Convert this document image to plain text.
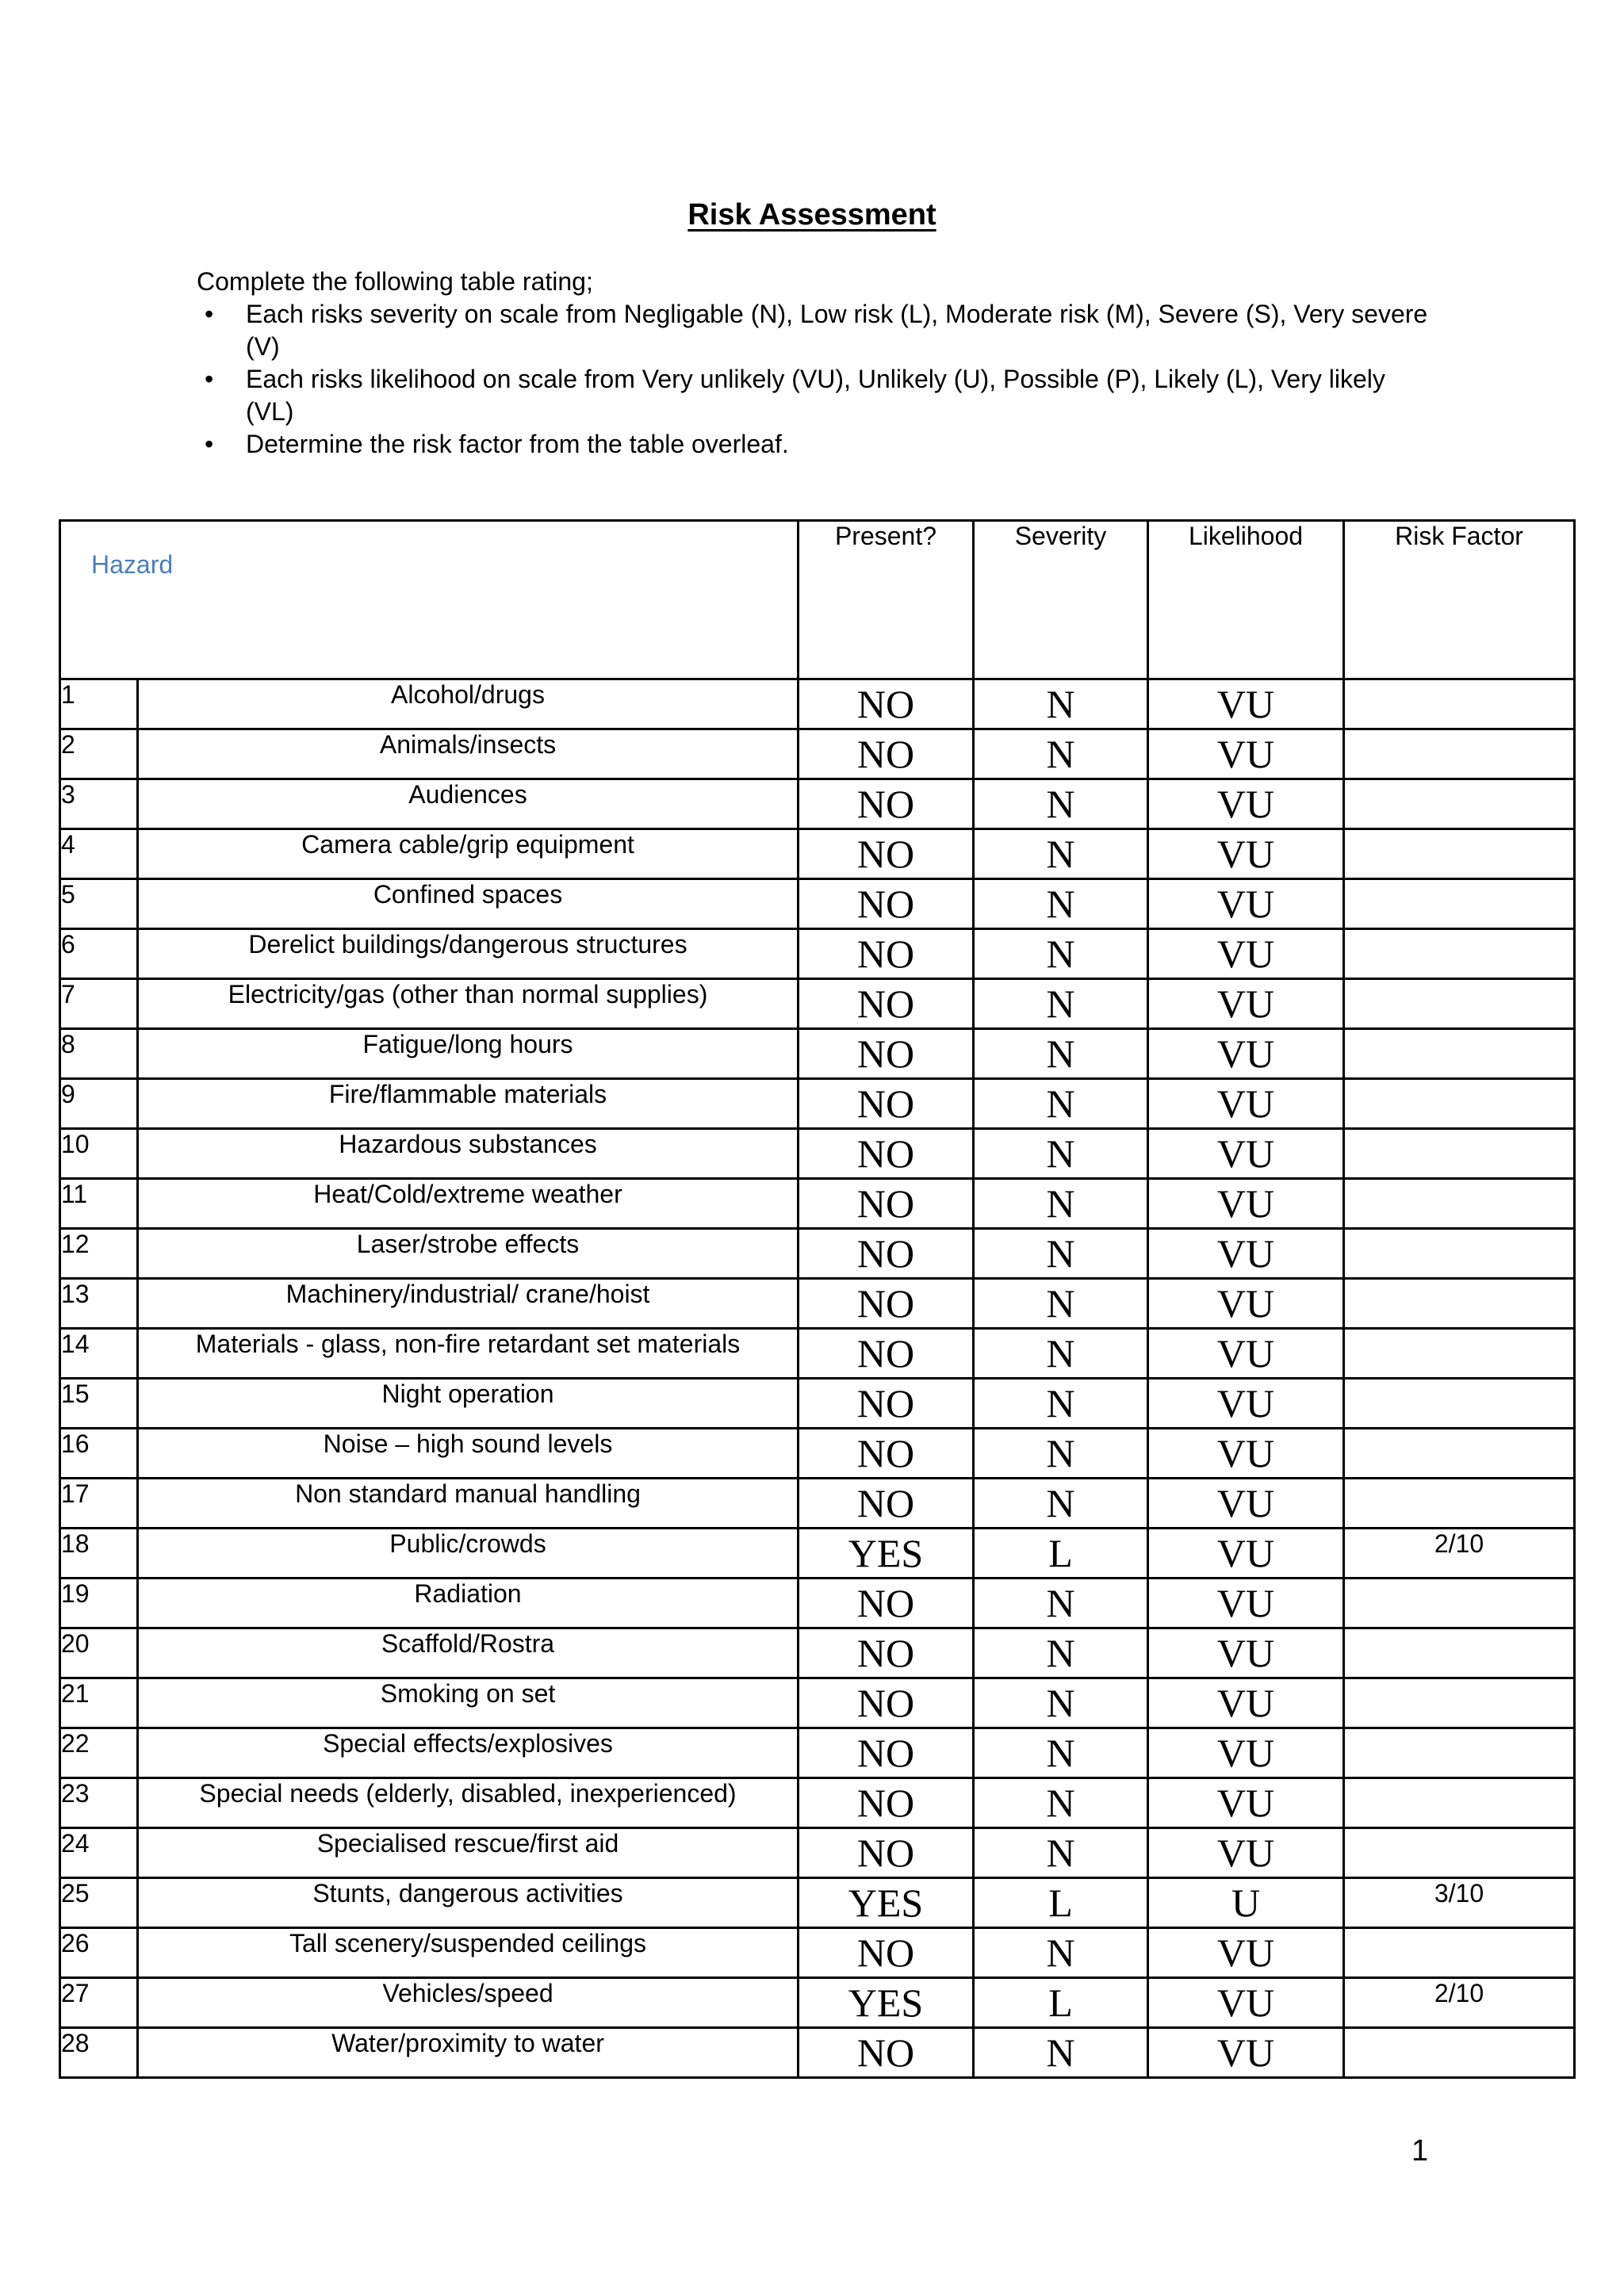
Risk Assessment
Complete the following table rating;
• Each risks severity on scale from Negligable (N), Low risk (L), Moderate risk (M), Severe (S), Very severe (V)
• Each risks likelihood on scale from Very unlikely (VU), Unlikely (U), Possible (P), Likely (L), Very likely (VL)
• Determine the risk factor from the table overleaf.
Hazard		Present?	Severity	Likelihood	Risk Factor
1	Alcohol/drugs	NO	N	VU	
2	Animals/insects	NO	N	VU	
3	Audiences	NO	N	VU	
4	Camera cable/grip equipment	NO	N	VU	
5	Confined spaces	NO	N	VU	
6	Derelict buildings/dangerous structures	NO	N	VU	
7	Electricity/gas (other than normal supplies)	NO	N	VU	
8	Fatigue/long hours	NO	N	VU	
9	Fire/flammable materials	NO	N	VU	
10	Hazardous substances	NO	N	VU	
11	Heat/Cold/extreme weather	NO	N	VU	
12	Laser/strobe effects	NO	N	VU	
13	Machinery/industrial/ crane/hoist	NO	N	VU	
14	Materials - glass, non-fire retardant set materials	NO	N	VU	
15	Night operation	NO	N	VU	
16	Noise – high sound levels	NO	N	VU	
17	Non standard manual handling	NO	N	VU	
18	Public/crowds	YES	L	VU	2/10
19	Radiation	NO	N	VU	
20	Scaffold/Rostra	NO	N	VU	
21	Smoking on set	NO	N	VU	
22	Special effects/explosives	NO	N	VU	
23	Special needs (elderly, disabled, inexperienced)	NO	N	VU	
24	Specialised rescue/first aid	NO	N	VU	
25	Stunts, dangerous activities	YES	L	U	3/10
26	Tall scenery/suspended ceilings	NO	N	VU	
27	Vehicles/speed	YES	L	VU	2/10
28	Water/proximity to water	NO	N	VU	
1
